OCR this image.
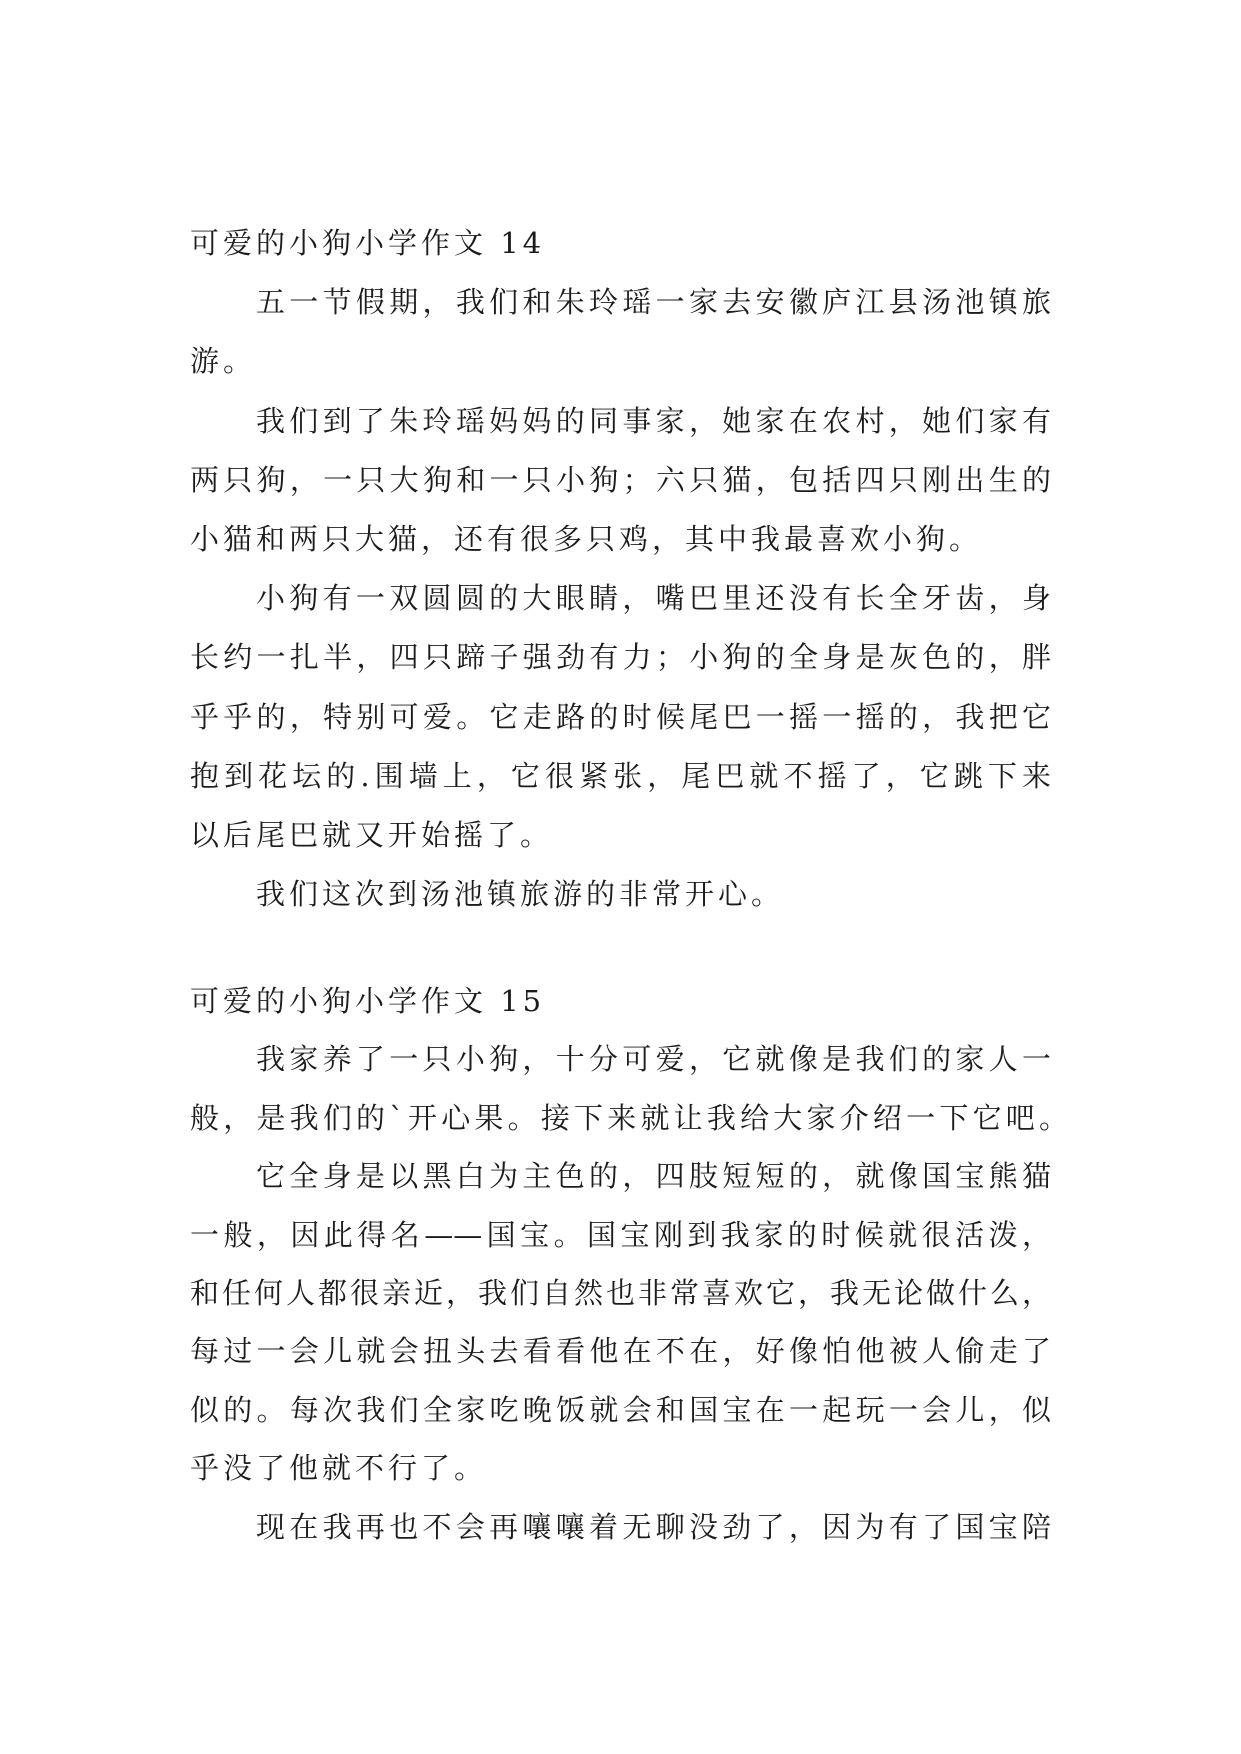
可爱的小狗小学作文 14
五一节假期，我们和朱玲瑶一家去安徽庐江县汤池镇旅
游。
我们到了朱玲瑶妈妈的同事家，她家在农村，她们家有
两只狗，一只大狗和一只小狗；六只猫，包括四只刚出生的
小猫和两只大猫，还有很多只鸡，其中我最喜欢小狗。
小狗有一双圆圆的大眼睛，嘴巴里还没有长全牙齿，身
长约一扎半，四只蹄子强劲有力；小狗的全身是灰色的，胖
乎乎的，特别可爱。它走路的时候尾巴一摇一摇的，我把它
抱到花坛的.围墙上，它很紧张，尾巴就不摇了，它跳下来
以后尾巴就又开始摇了。
我们这次到汤池镇旅游的非常开心。
可爱的小狗小学作文 15
我家养了一只小狗，十分可爱，它就像是我们的家人一
般，是我们的`开心果。接下来就让我给大家介绍一下它吧。
它全身是以黑白为主色的，四肢短短的，就像国宝熊猫
一般，因此得名——国宝。国宝刚到我家的时候就很活泼，
和任何人都很亲近，我们自然也非常喜欢它，我无论做什么，
每过一会儿就会扭头去看看他在不在，好像怕他被人偷走了
似的。每次我们全家吃晚饭就会和国宝在一起玩一会儿，似
乎没了他就不行了。
现在我再也不会再嚷嚷着无聊没劲了，因为有了国宝陪
